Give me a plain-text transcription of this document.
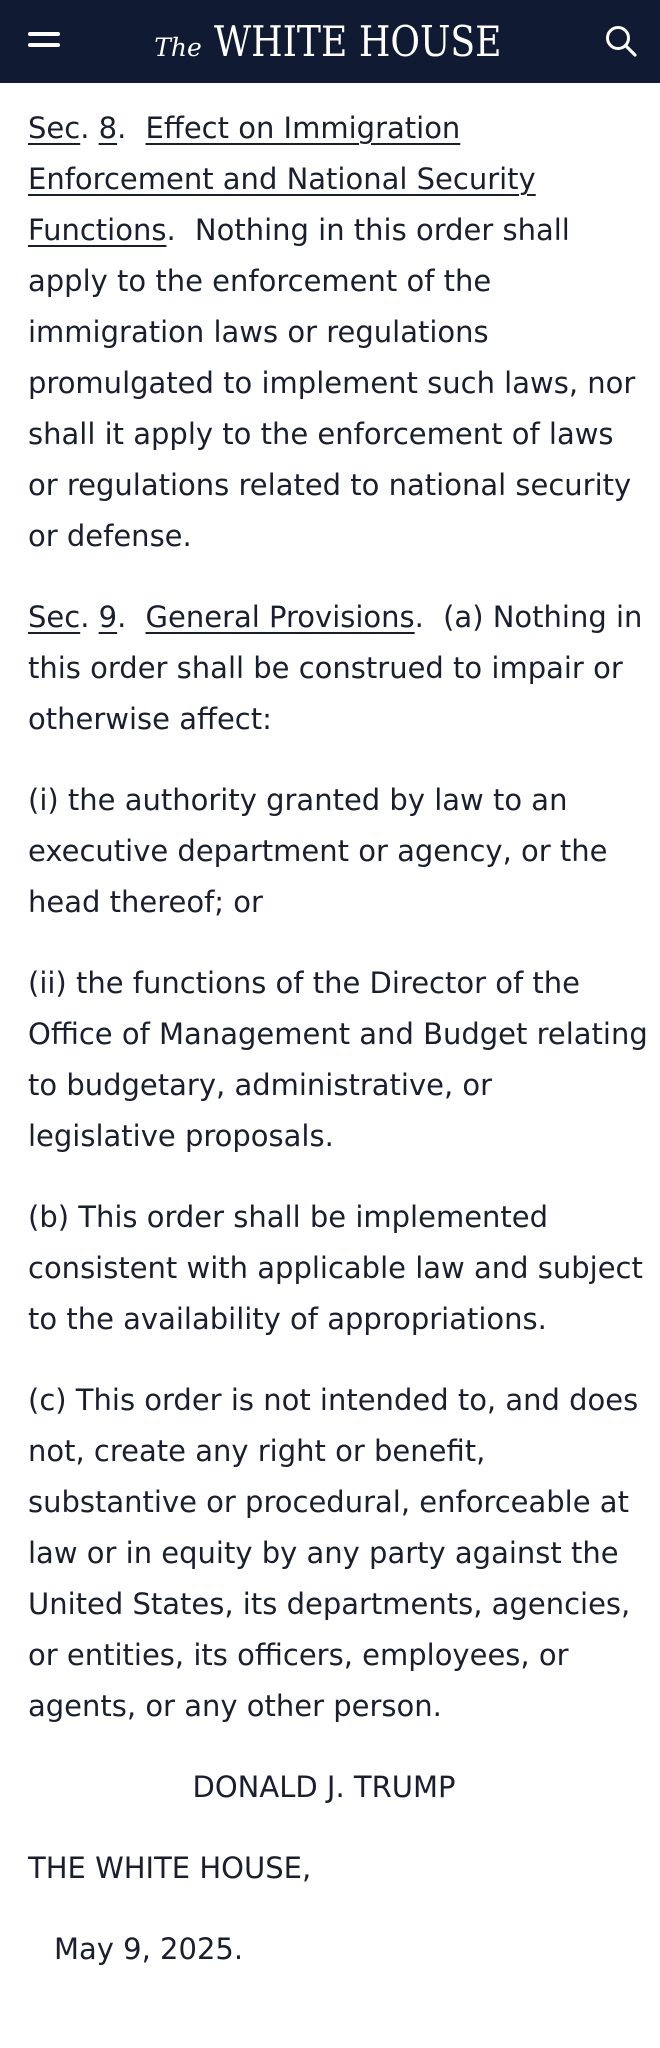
The WHITE HOUSE

Sec. 8. Effect on Immigration
Enforcement and National Security
Functions. Nothing in this order shall apply to the enforcement of the immigration laws or regulations promulgated to implement such laws, nor shall it apply to the enforcement of laws or regulations related to national security or defense.

Sec. 9. General Provisions. (a) Nothing in this order shall be construed to impair or otherwise affect:

(i) the authority granted by law to an executive department or agency, or the head thereof; or

(ii) the functions of the Director of the Office of Management and Budget relating to budgetary, administrative, or legislative proposals.

(b) This order shall be implemented consistent with applicable law and subject to the availability of appropriations.

(c) This order is not intended to, and does not, create any right or benefit, substantive or procedural, enforceable at law or in equity by any party against the United States, its departments, agencies, or entities, its officers, employees, or agents, or any other person.

DONALD J. TRUMP

THE WHITE HOUSE,

May 9, 2025.
